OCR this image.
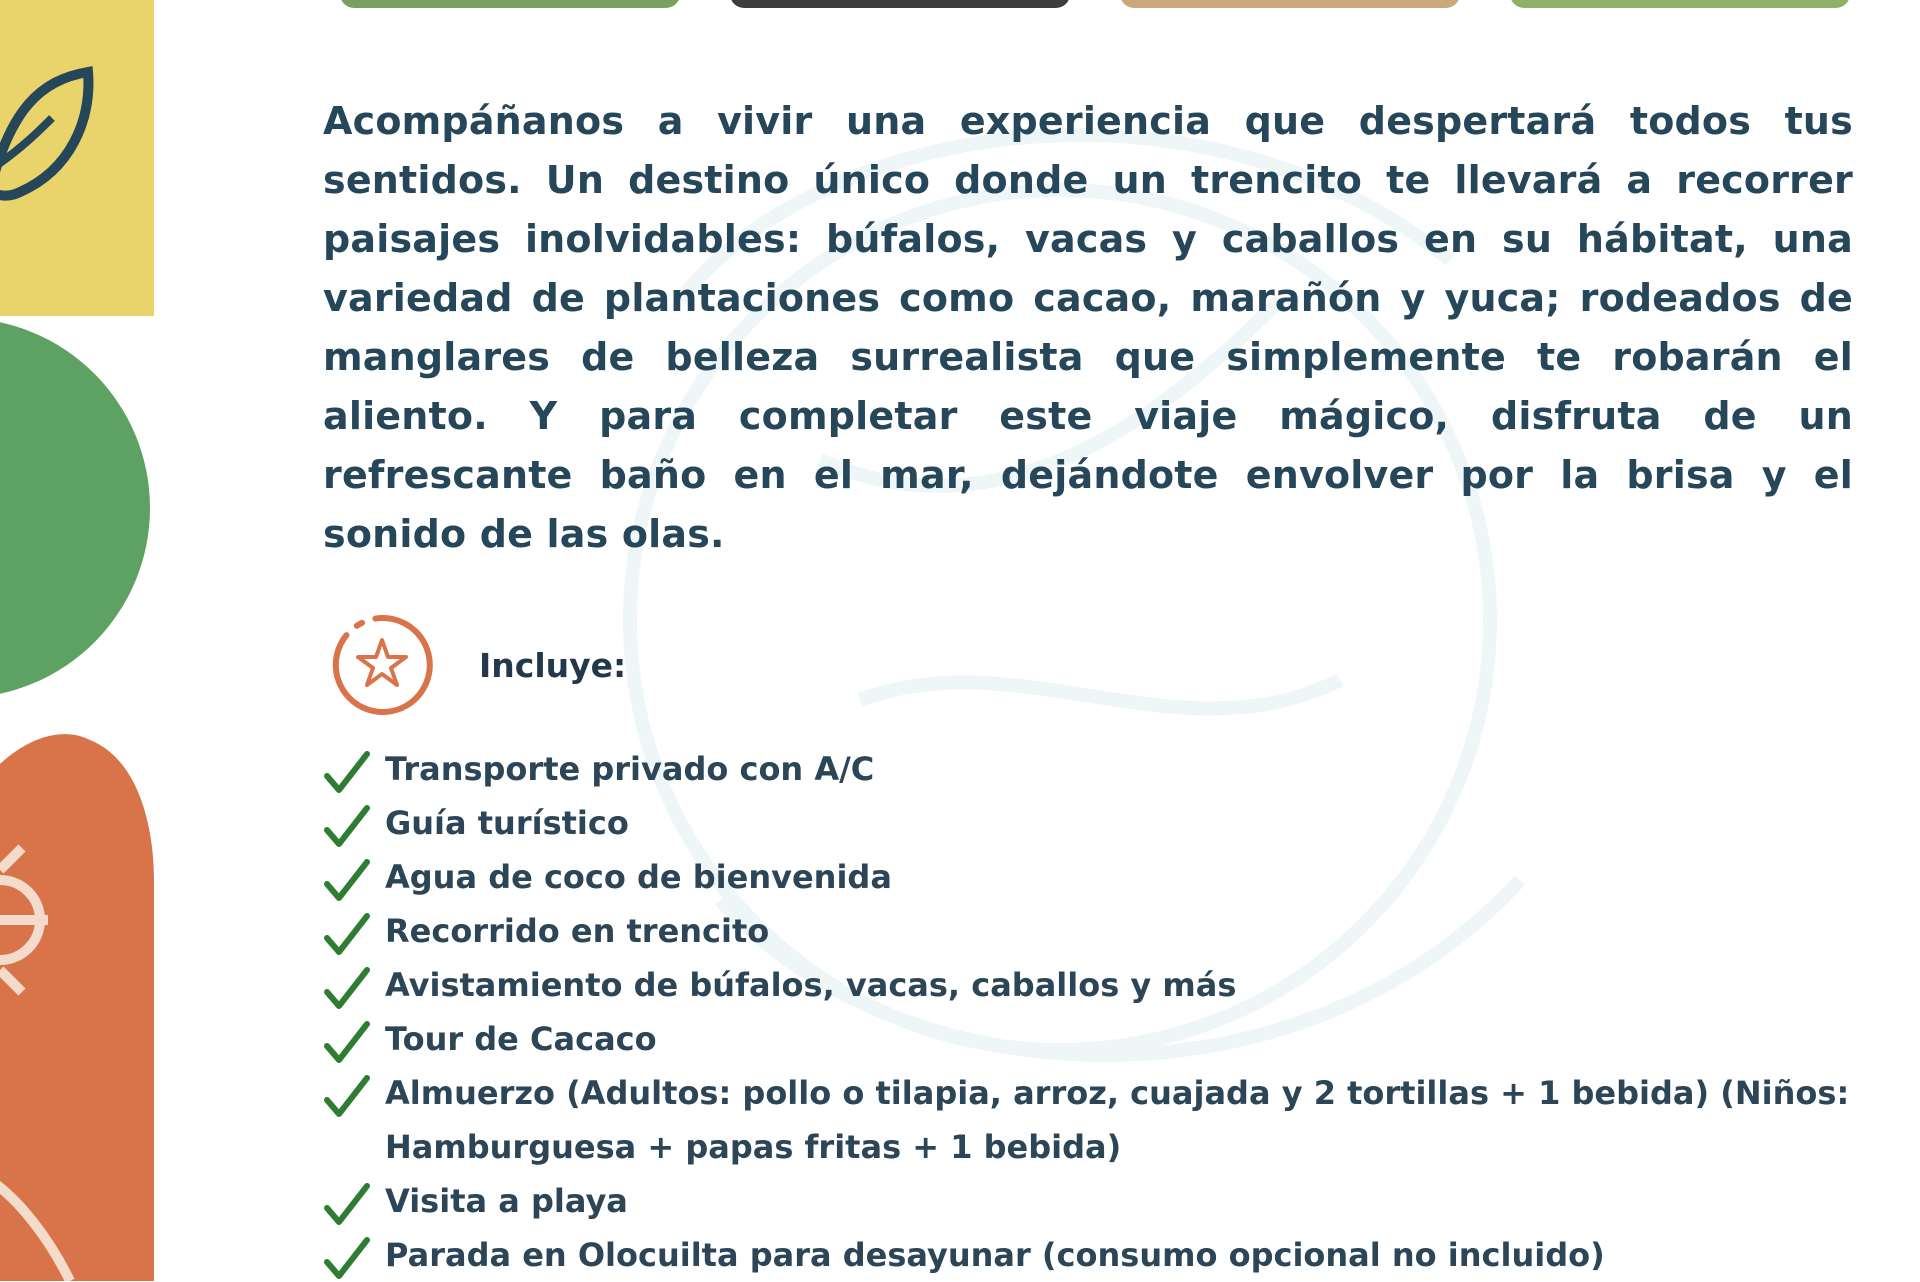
Acompáñanos a vivir una experiencia que despertará todos tus sentidos. Un destino único donde un trencito te llevará a recorrer paisajes inolvidables: búfalos, vacas y caballos en su hábitat, una variedad de plantaciones como cacao, marañón y yuca; rodeados de manglares de belleza surrealista que simplemente te robarán el aliento. Y para completar este viaje mágico, disfruta de un refrescante baño en el mar, dejándote envolver por la brisa y el sonido de las olas.

Incluye:
Transporte privado con A/C
Guía turístico
Agua de coco de bienvenida
Recorrido en trencito
Avistamiento de búfalos, vacas, caballos y más
Tour de Cacaco
Almuerzo (Adultos: pollo o tilapia, arroz, cuajada y 2 tortillas + 1 bebida) (Niños: Hamburguesa + papas fritas + 1 bebida)
Visita a playa
Parada en Olocuilta para desayunar (consumo opcional no incluido)
